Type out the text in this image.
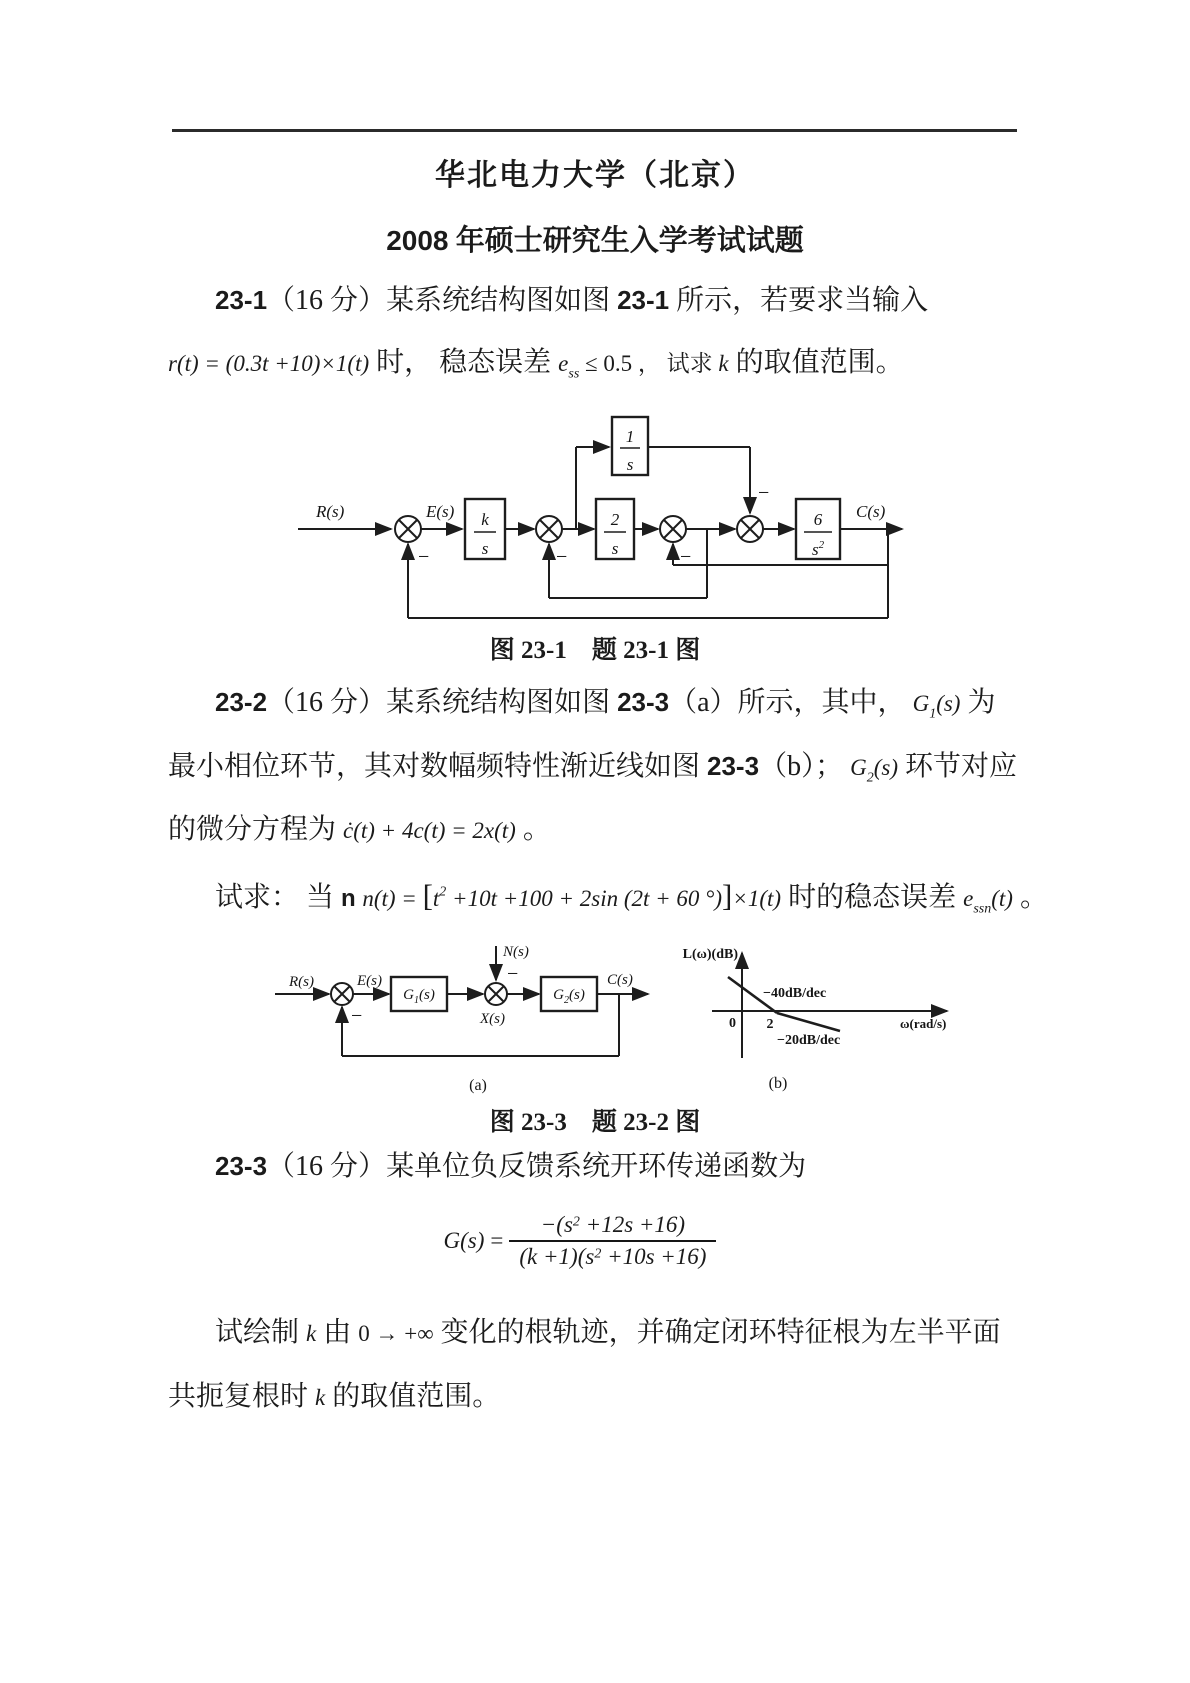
华北电力大学（北京）
2008 年硕士研究生入学考试试题
23-1（16 分）某系统结构图如图 23-1 所示，若要求当输入
r(t) = (0.3t +10)×1(t) 时， 稳态误差 $e_{ss} \le 0.5$ ， 试求 k 的取值范围。
R(s)
−
E(s) k
s	−
1
s
−
2
s	−
6
$s^2$
C(s)
图 23-1　题 23-1 图
23-2（16 分）某系统结构图如图 23-3（a）所示，其中， $G_1(s)$ 为
最小相位环节，其对数幅频特性渐近线如图 23-3（b）； $G_2(s)$ 环节对应
的微分方程为 ċ(t) + 4c(t) = 2x(t) 。
试求： 当 n $n(t) = [t^2 +10t +100 + 2\sin$ (2t + 60 °)]×1(t) 时的稳态误差 $e_{ssn}(t)$ 。
R(s)
−
E(s)
$G_1(s)$
N(s)
−
X(s)
$G_2(s)$
C(s)
(a)
L(ω)(dB)
−40dB/dec
−20dB/dec
0 2	ω(rad/s)
(b)
图 23-3　题 23-2 图
23-3（16 分）某单位负反馈系统开环传递函数为
$G(s) = \frac{-(s2 +12s +16)}{(k +1)(s2 +10s +16)}$
试绘制 k 由 0 → +∞ 变化的根轨迹，并确定闭环特征根为左半平面
共扼复根时 k 的取值范围。
